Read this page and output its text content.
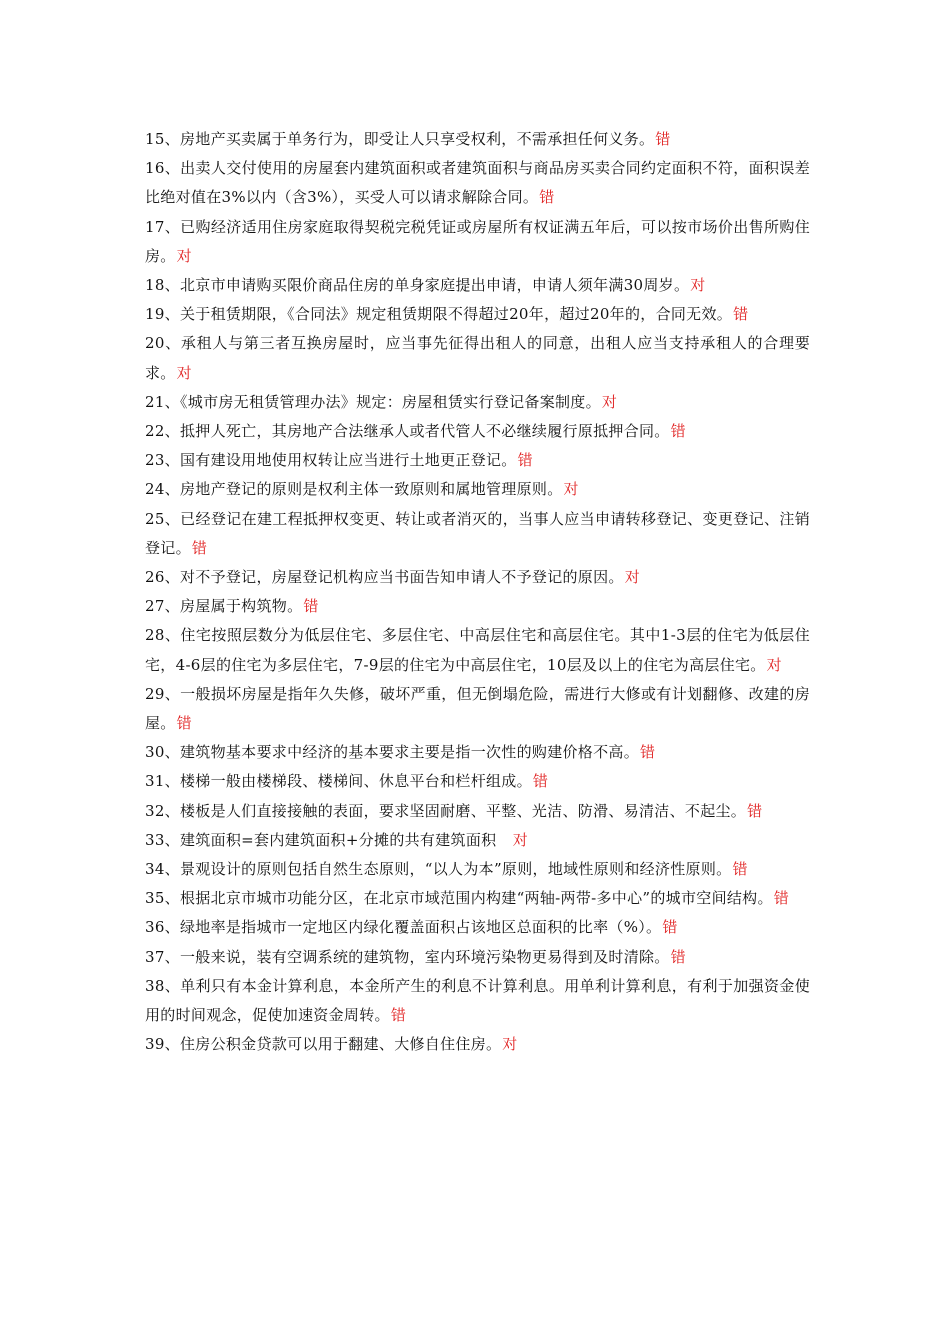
15、房地产买卖属于单务行为，即受让人只享受权利，不需承担任何义务。错

16、出卖人交付使用的房屋套内建筑面积或者建筑面积与商品房买卖合同约定面积不符，面积误差比绝对值在3%以内（含3%），买受人可以请求解除合同。错

17、已购经济适用住房家庭取得契税完税凭证或房屋所有权证满五年后，可以按市场价出售所购住房。对

18、北京市申请购买限价商品住房的单身家庭提出申请，申请人须年满30周岁。对

19、关于租赁期限，《合同法》规定租赁期限不得超过20年，超过20年的，合同无效。错

20、承租人与第三者互换房屋时，应当事先征得出租人的同意，出租人应当支持承租人的合理要求。对

21、《城市房无租赁管理办法》规定：房屋租赁实行登记备案制度。对

22、抵押人死亡，其房地产合法继承人或者代管人不必继续履行原抵押合同。错

23、国有建设用地使用权转让应当进行土地更正登记。错

24、房地产登记的原则是权利主体一致原则和属地管理原则。对

25、已经登记在建工程抵押权变更、转让或者消灭的，当事人应当申请转移登记、变更登记、注销登记。错

26、对不予登记，房屋登记机构应当书面告知申请人不予登记的原因。对

27、房屋属于构筑物。错

28、住宅按照层数分为低层住宅、多层住宅、中高层住宅和高层住宅。其中1-3层的住宅为低层住宅，4-6层的住宅为多层住宅，7-9层的住宅为中高层住宅，10层及以上的住宅为高层住宅。对

29、一般损坏房屋是指年久失修，破坏严重，但无倒塌危险，需进行大修或有计划翻修、改建的房屋。错

30、建筑物基本要求中经济的基本要求主要是指一次性的购建价格不高。错

31、楼梯一般由楼梯段、楼梯间、休息平台和栏杆组成。错

32、楼板是人们直接接触的表面，要求坚固耐磨、平整、光洁、防滑、易清洁、不起尘。错

33、建筑面积=套内建筑面积+分摊的共有建筑面积　对

34、景观设计的原则包括自然生态原则，“以人为本”原则，地域性原则和经济性原则。错

35、根据北京市城市功能分区，在北京市域范围内构建“两轴-两带-多中心”的城市空间结构。错

36、绿地率是指城市一定地区内绿化覆盖面积占该地区总面积的比率（%）。错

37、一般来说，装有空调系统的建筑物，室内环境污染物更易得到及时清除。错

38、单利只有本金计算利息，本金所产生的利息不计算利息。用单利计算利息，有利于加强资金使用的时间观念，促使加速资金周转。错

39、住房公积金贷款可以用于翻建、大修自住住房。对
